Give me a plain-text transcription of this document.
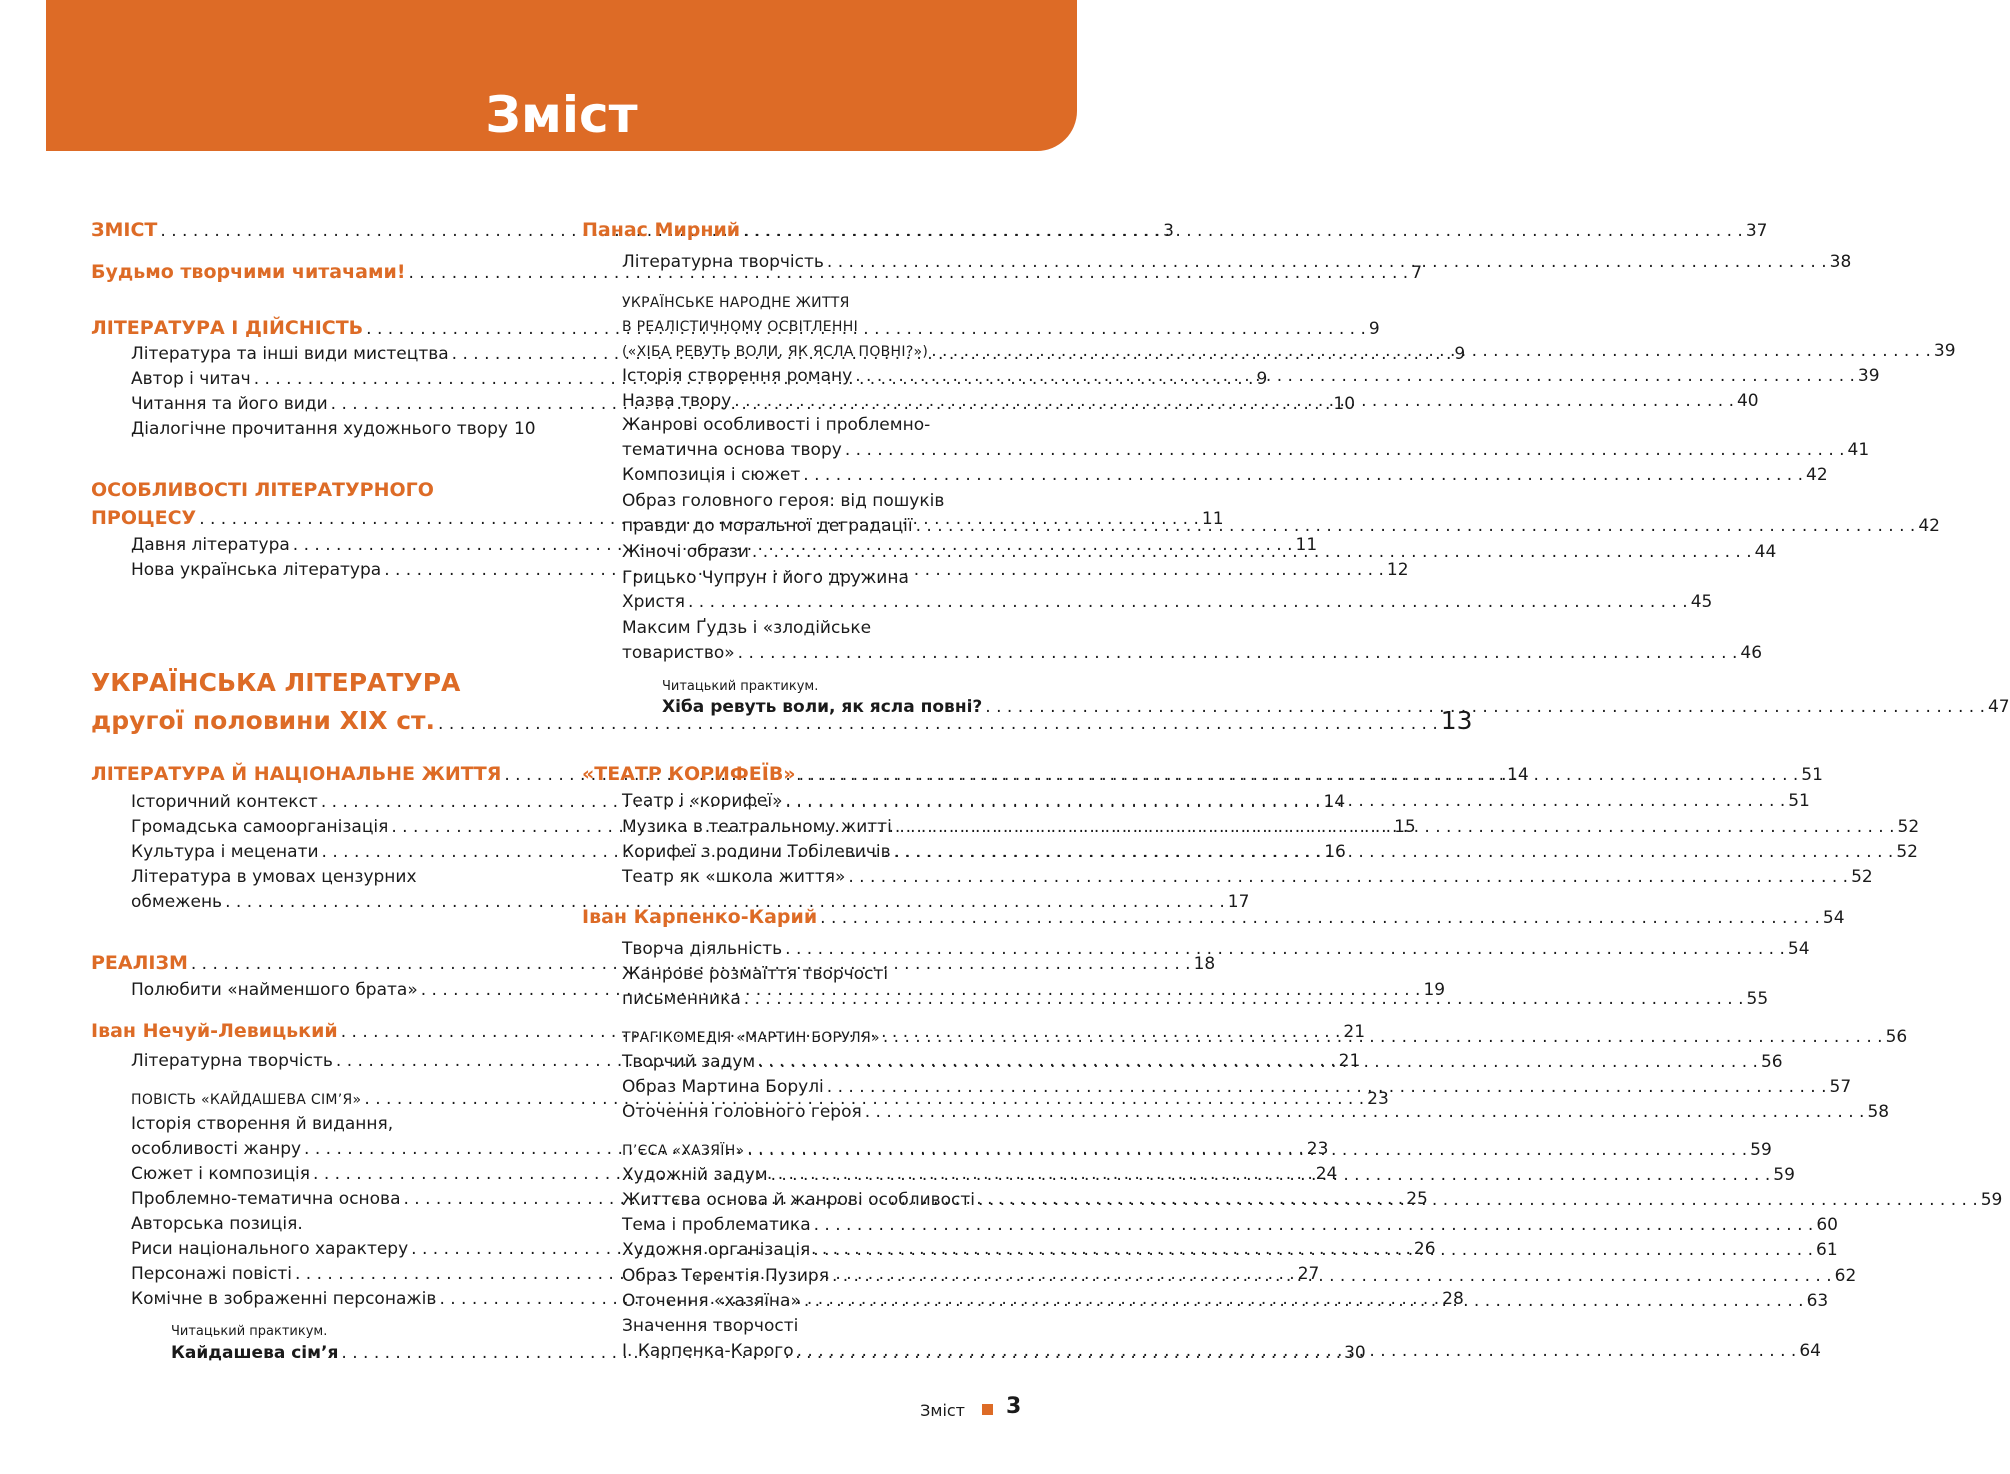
Зміст
ЗМІСТ . . .	3
Будьмо творчими читачами! . . .	7
ЛІТЕРАТУРА І ДІЙСНІСТЬ . . .	9
Література та інші види мистецтва . . .	9
Автор і читач . . .	9
Читання та його види . . .	10
Діалогічне прочитання художнього твору 10
ОСОБЛИВОСТІ ЛІТЕРАТУРНОГО
ПРОЦЕСУ . . .	11
Давня література . . .	11
Нова українська література . . .	12
УКРАЇНСЬКА ЛІТЕРАТУРА
другої половини XIX ст. . . .	13
ЛІТЕРАТУРА Й НАЦІОНАЛЬНЕ ЖИТТЯ . . .	14
Історичний контекст . . .	14
Громадська самоорганізація . . .	15
Культура і меценати . . .	16
Література в умовах цензурних
обмежень . . .	17
РЕАЛІЗМ . . .	18
Полюбити «найменшого брата» . . .	19
Іван Нечуй-Левицький . . .	21
Літературна творчість . . .	21
ПОВІСТЬ «КАЙДАШЕВА СІМ’Я» . . .	23
Історія створення й видання,
особливості жанру . . .	23
Сюжет і композиція . . .	24
Проблемно-тематична основа . . .	25
Авторська позиція.
Риси національного характеру . . .	26
Персонажі повісті . . .	27
Комічне в зображенні персонажів . . .	28
Читацький практикум.
Кайдашева сім’я . . .	30
Панас Мирний . . .	37
Літературна творчість . . .	38
УКРАЇНСЬКЕ НАРОДНЕ ЖИТТЯ
В РЕАЛІСТИЧНОМУ ОСВІТЛЕННІ
(«ХІБА РЕВУТЬ ВОЛИ, ЯК ЯСЛА ПОВНІ?») . . .	39
Історія створення роману . . .	39
Назва твору . . .	40
Жанрові особливості і проблемно-
тематична основа твору . . .	41
Композиція і сюжет . . .	42
Образ головного героя: від пошуків
правди до моральної деградації . . .	42
Жіночі образи . . .	44
Грицько Чупрун і його дружина
Христя . . .	45
Максим Ґудзь і «злодійське
товариство» . . .	46
Читацький практикум.
Хіба ревуть воли, як ясла повні? . . .	47
«ТЕАТР КОРИФЕЇВ» . . .	51
Театр і «корифеї» . . .	51
Музика в театральному житті . . .	52
Корифеї з родини Тобілевичів . . .	52
Театр як «школа життя» . . .	52
Іван Карпенко-Карий . . .	54
Творча діяльність . . .	54
Жанрове розмаїття творчості
письменника . . .	55
ТРАГІКОМЕДІЯ «МАРТИН БОРУЛЯ» . . .	56
Творчий задум . . .	56
Образ Мартина Борулі . . .	57
Оточення головного героя . . .	58
П’ЄСА «ХАЗЯЇН» . . .	59
Художній задум . . .	59
Життєва основа й жанрові особливості . . .	59
Тема і проблематика . . .	60
Художня організація . . .	61
Образ Терентія Пузиря . . .	62
Оточення «хазяїна» . . .	63
Значення творчості
І. Карпенка-Карого . . .	64
Зміст 3
